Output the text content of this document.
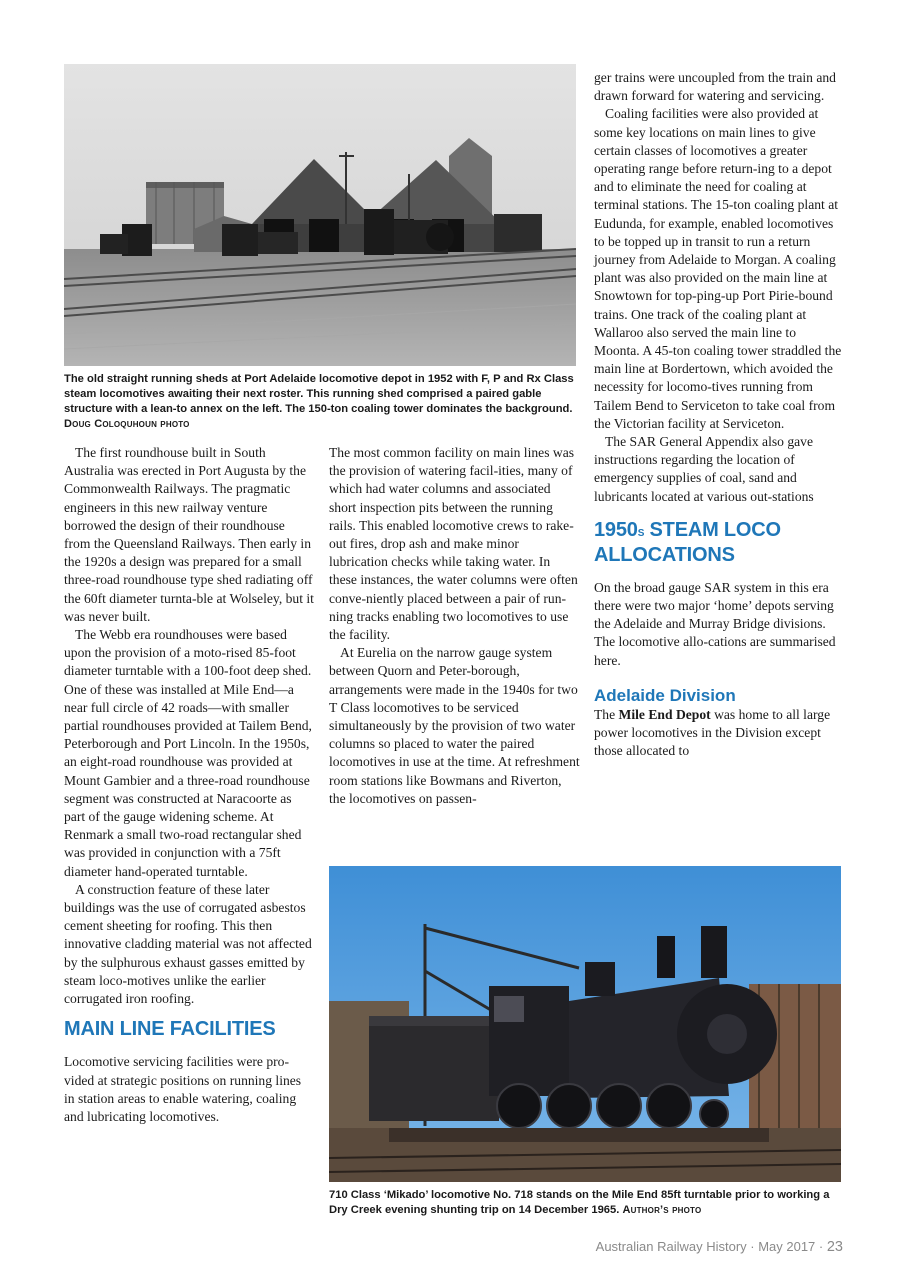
The old straight running sheds at Port Adelaide locomotive depot in 1952 with F, P and Rx Class steam locomotives awaiting their next roster. This running shed comprised a paired gable structure with a lean-to annex on the left. The 150-ton coaling tower dominates the background. Doug Coloquhoun photo

The first roundhouse built in South Australia was erected in Port Augusta by the Commonwealth Railways. The pragmatic engineers in this new railway venture borrowed the design of their roundhouse from the Queensland Railways. Then early in the 1920s a design was prepared for a small three-road roundhouse type shed radiating off the 60ft diameter turnta-ble at Wolseley, but it was never built.

The Webb era roundhouses were based upon the provision of a moto-rised 85-foot diameter turntable with a 100-foot deep shed. One of these was installed at Mile End—a near full circle of 42 roads—with smaller partial roundhouses provided at Tailem Bend, Peterborough and Port Lincoln. In the 1950s, an eight-road roundhouse was provided at Mount Gambier and a three-road roundhouse segment was constructed at Naracoorte as part of the gauge widening scheme. At Renmark a small two-road rectangular shed was provided in conjunction with a 75ft diameter hand-operated turntable.

A construction feature of these later buildings was the use of corrugated asbestos cement sheeting for roofing. This then innovative cladding material was not affected by the sulphurous exhaust gasses emitted by steam loco-motives unlike the earlier corrugated iron roofing.

MAIN LINE FACILITIES

Locomotive servicing facilities were pro-vided at strategic positions on running lines in station areas to enable watering, coaling and lubricating locomotives.

The most common facility on main lines was the provision of watering facil-ities, many of which had water columns and associated short inspection pits between the running rails. This enabled locomotive crews to rake-out fires, drop ash and make minor lubrication checks while taking water. In these instances, the water columns were often conve-niently placed between a pair of run-ning tracks enabling two locomotives to use the facility.

At Eurelia on the narrow gauge system between Quorn and Peter-borough, arrangements were made in the 1940s for two T Class locomotives to be serviced simultaneously by the provision of two water columns so placed to water the paired locomotives in use at the time. At refreshment room stations like Bowmans and Riverton, the locomotives on passen-

ger trains were uncoupled from the train and drawn forward for watering and servicing.

Coaling facilities were also provided at some key locations on main lines to give certain classes of locomotives a greater operating range before return-ing to a depot and to eliminate the need for coaling at terminal stations. The 15-ton coaling plant at Eudunda, for example, enabled locomotives to be topped up in transit to run a return journey from Adelaide to Morgan. A coaling plant was also provided on the main line at Snowtown for top-ping-up Port Pirie-bound trains. One track of the coaling plant at Wallaroo also served the main line to Moonta. A 45-ton coaling tower straddled the main line at Bordertown, which avoided the necessity for locomo-tives running from Tailem Bend to Serviceton to take coal from the Victorian facility at Serviceton.

The SAR General Appendix also gave instructions regarding the location of emergency supplies of coal, sand and lubricants located at various out-stations

1950s STEAM LOCO ALLOCATIONS

On the broad gauge SAR system in this era there were two major ‘home’ depots serving the Adelaide and Murray Bridge divisions. The locomotive allo-cations are summarised here.

Adelaide Division

The Mile End Depot was home to all large power locomotives in the Division except those allocated to

710 Class ‘Mikado’ locomotive No. 718 stands on the Mile End 85ft turntable prior to working a Dry Creek evening shunting trip on 14 December 1965. Author’s photo
Australian Railway History · May 2017 · 23
